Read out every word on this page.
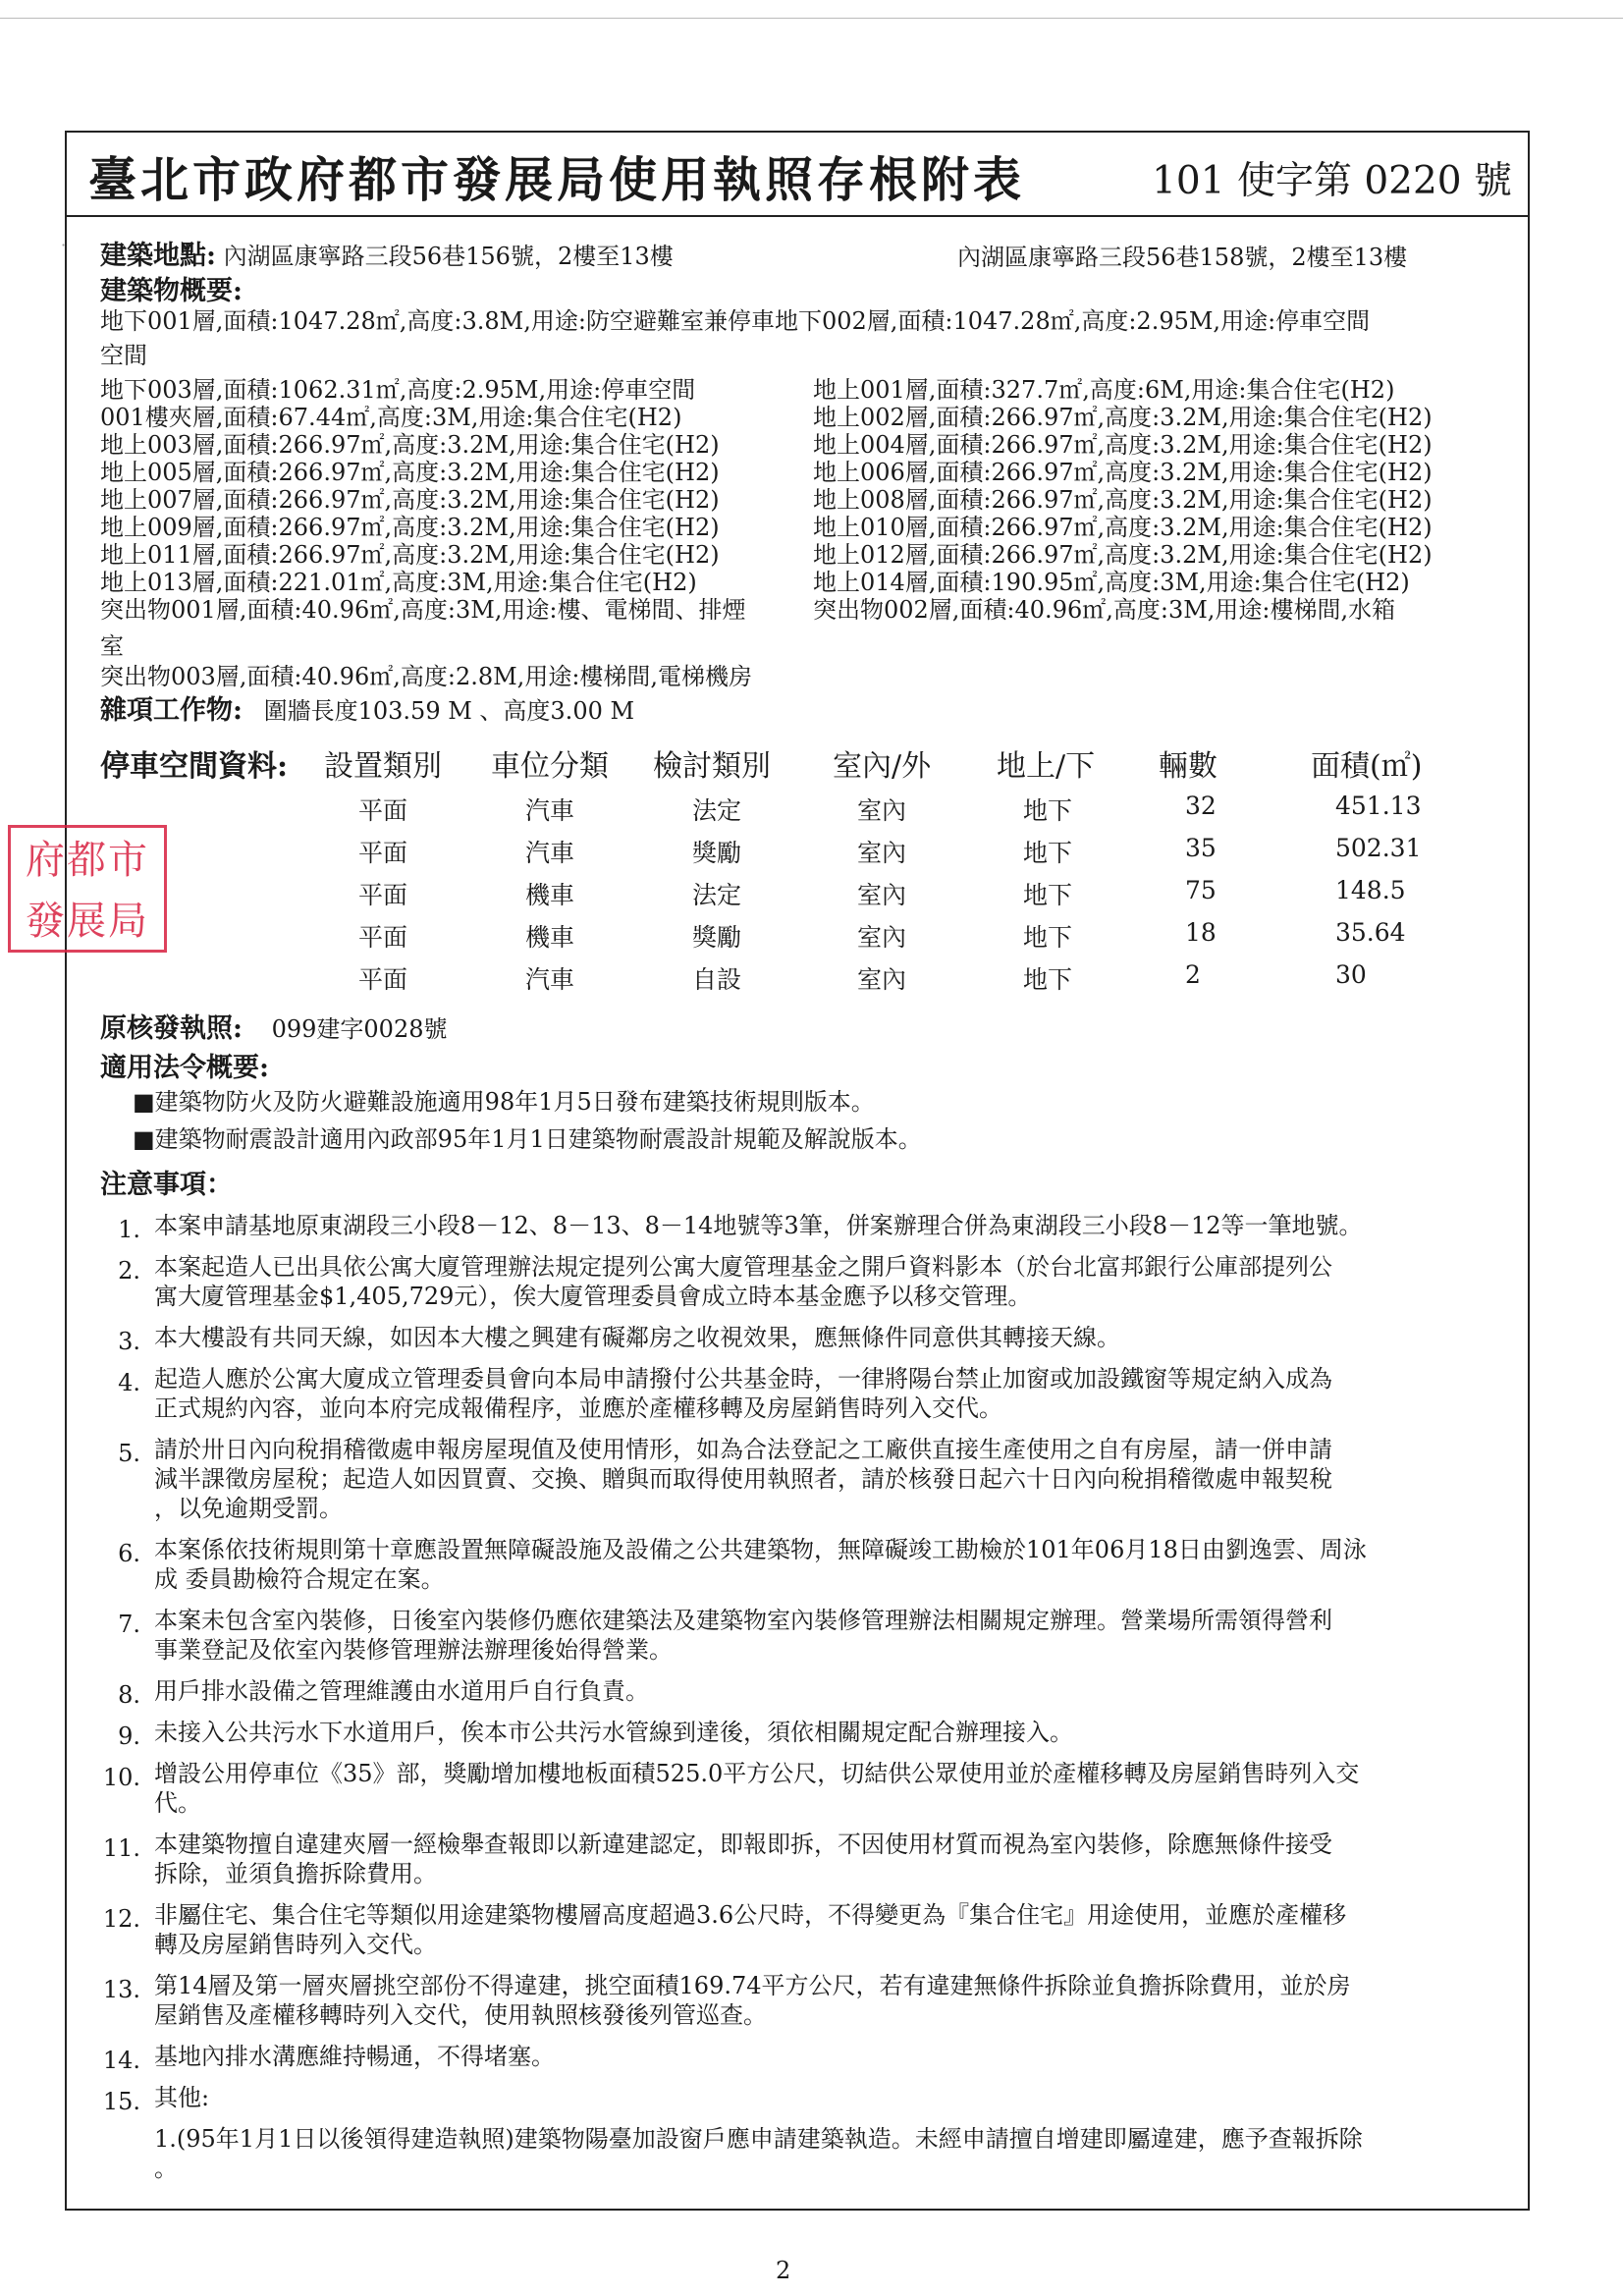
臺北市政府都市發展局使用執照存根附表	101 使字第 0220 號
建築地點: 內湖區康寧路三段56巷156號，2樓至13樓	內湖區康寧路三段56巷158號，2樓至13樓
建築物概要:
地下001層,面積:1047.28㎡,高度:3.8M,用途:防空避難室兼停車地下002層,面積:1047.28㎡,高度:2.95M,用途:停車空間
空間
地下003層,面積:1062.31㎡,高度:2.95M,用途:停車空間
001樓夾層,面積:67.44㎡,高度:3M,用途:集合住宅(H2)
地上003層,面積:266.97㎡,高度:3.2M,用途:集合住宅(H2)
地上005層,面積:266.97㎡,高度:3.2M,用途:集合住宅(H2)
地上007層,面積:266.97㎡,高度:3.2M,用途:集合住宅(H2)
地上009層,面積:266.97㎡,高度:3.2M,用途:集合住宅(H2)
地上011層,面積:266.97㎡,高度:3.2M,用途:集合住宅(H2)
地上013層,面積:221.01㎡,高度:3M,用途:集合住宅(H2)
突出物001層,面積:40.96㎡,高度:3M,用途:樓、電梯間、排煙
地上001層,面積:327.7㎡,高度:6M,用途:集合住宅(H2)
地上002層,面積:266.97㎡,高度:3.2M,用途:集合住宅(H2)
地上004層,面積:266.97㎡,高度:3.2M,用途:集合住宅(H2)
地上006層,面積:266.97㎡,高度:3.2M,用途:集合住宅(H2)
地上008層,面積:266.97㎡,高度:3.2M,用途:集合住宅(H2)
地上010層,面積:266.97㎡,高度:3.2M,用途:集合住宅(H2)
地上012層,面積:266.97㎡,高度:3.2M,用途:集合住宅(H2)
地上014層,面積:190.95㎡,高度:3M,用途:集合住宅(H2)
突出物002層,面積:40.96㎡,高度:3M,用途:樓梯間,水箱
室
突出物003層,面積:40.96㎡,高度:2.8M,用途:樓梯間,電梯機房
雜項工作物: 圍牆長度103.59 M 、高度3.00 M
停車空間資料: 設置類別 車位分類 檢討類別 室內/外 地上/下 輛數	面積(㎡)
平面	汽車	法定	室內	地下	32	451.13
平面	汽車	獎勵	室內	地下	35	502.31
平面	機車	法定	室內	地下	75	148.5
平面	機車	獎勵	室內	地下	18	35.64
平面	汽車	自設	室內	地下	2	30
原核發執照: 099建字0028號
適用法令概要:
■建築物防火及防火避難設施適用98年1月5日發布建築技術規則版本。
■建築物耐震設計適用內政部95年1月1日建築物耐震設計規範及解說版本。
注意事項：
1. 本案申請基地原東湖段三小段8－12、8－13、8－14地號等3筆，併案辦理合併為東湖段三小段8－12等一筆地號。
2. 本案起造人已出具依公寓大廈管理辦法規定提列公寓大廈管理基金之開戶資料影本（於台北富邦銀行公庫部提列公
寓大廈管理基金$1,405,729元），俟大廈管理委員會成立時本基金應予以移交管理。
3. 本大樓設有共同天線，如因本大樓之興建有礙鄰房之收視效果，應無條件同意供其轉接天線。
4. 起造人應於公寓大廈成立管理委員會向本局申請撥付公共基金時，一律將陽台禁止加窗或加設鐵窗等規定納入成為
正式規約內容，並向本府完成報備程序，並應於產權移轉及房屋銷售時列入交代。
5. 請於卅日內向稅捐稽徵處申報房屋現值及使用情形，如為合法登記之工廠供直接生產使用之自有房屋，請一併申請
減半課徵房屋稅；起造人如因買賣、交換、贈與而取得使用執照者，請於核發日起六十日內向稅捐稽徵處申報契稅
，以免逾期受罰。
6. 本案係依技術規則第十章應設置無障礙設施及設備之公共建築物，無障礙竣工勘檢於101年06月18日由劉逸雲、周泳
成 委員勘檢符合規定在案。
7. 本案未包含室內裝修，日後室內裝修仍應依建築法及建築物室內裝修管理辦法相關規定辦理。營業場所需領得營利
事業登記及依室內裝修管理辦法辦理後始得營業。
8. 用戶排水設備之管理維護由水道用戶自行負責。
9. 未接入公共污水下水道用戶，俟本市公共污水管線到達後，須依相關規定配合辦理接入。
10. 增設公用停車位《35》部，獎勵增加樓地板面積525.0平方公尺，切結供公眾使用並於產權移轉及房屋銷售時列入交
代。
11. 本建築物擅自違建夾層一經檢舉查報即以新違建認定，即報即拆，不因使用材質而視為室內裝修，除應無條件接受
拆除，並須負擔拆除費用。
12. 非屬住宅、集合住宅等類似用途建築物樓層高度超過3.6公尺時，不得變更為『集合住宅』用途使用，並應於產權移
轉及房屋銷售時列入交代。
13. 第14層及第一層夾層挑空部份不得違建，挑空面積169.74平方公尺，若有違建無條件拆除並負擔拆除費用，並於房
屋銷售及產權移轉時列入交代，使用執照核發後列管巡查。
14. 基地內排水溝應維持暢通，不得堵塞。
15. 其他:
1.(95年1月1日以後領得建造執照)建築物陽臺加設窗戶應申請建築執造。未經申請擅自增建即屬違建，應予查報拆除
。
府都市
發展局
·
2
